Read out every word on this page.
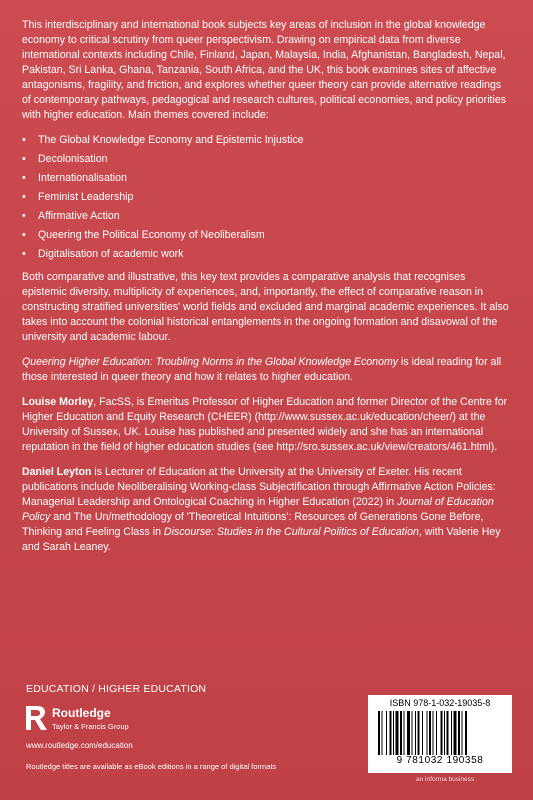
This interdisciplinary and international book subjects key areas of inclusion in the global knowledge economy to critical scrutiny from queer perspectivism. Drawing on empirical data from diverse international contexts including Chile, Finland, Japan, Malaysia, India, Afghanistan, Bangladesh, Nepal, Pakistan, Sri Lanka, Ghana, Tanzania, South Africa, and the UK, this book examines sites of affective antagonisms, fragility, and friction, and explores whether queer theory can provide alternative readings of contemporary pathways, pedagogical and research cultures, political economies, and policy priorities with higher education. Main themes covered include:

• The Global Knowledge Economy and Epistemic Injustice
• Decolonisation
• Internationalisation
• Feminist Leadership
• Affirmative Action
• Queering the Political Economy of Neoliberalism
• Digitalisation of academic work

Both comparative and illustrative, this key text provides a comparative analysis that recognises epistemic diversity, multiplicity of experiences, and, importantly, the effect of comparative reason in constructing stratified universities' world fields and excluded and marginal academic experiences. It also takes into account the colonial historical entanglements in the ongoing formation and disavowal of the university and academic labour.

Queering Higher Education: Troubling Norms in the Global Knowledge Economy is ideal reading for all those interested in queer theory and how it relates to higher education.

Louise Morley, FacSS, is Emeritus Professor of Higher Education and former Director of the Centre for Higher Education and Equity Research (CHEER) (http://www.sussex.ac.uk/education/cheer/) at the University of Sussex, UK. Louise has published and presented widely and she has an international reputation in the field of higher education studies (see http://sro.sussex.ac.uk/view/creators/461.html).

Daniel Leyton is Lecturer of Education at the University at the University of Exeter. His recent publications include Neoliberalising Working-class Subjectification through Affirmative Action Policies: Managerial Leadership and Ontological Coaching in Higher Education (2022) in Journal of Education Policy and The Un/methodology of 'Theoretical Intuitions': Resources of Generations Gone Before, Thinking and Feeling Class in Discourse: Studies in the Cultural Politics of Education, with Valerie Hey and Sarah Leaney.

EDUCATION / HIGHER EDUCATION
Routledge
Taylor & Francis Group
www.routledge.com/education
Routledge titles are available as eBook editions in a range of digital formats
ISBN 978-1-032-19035-8
9 781032 190358
an informa business
